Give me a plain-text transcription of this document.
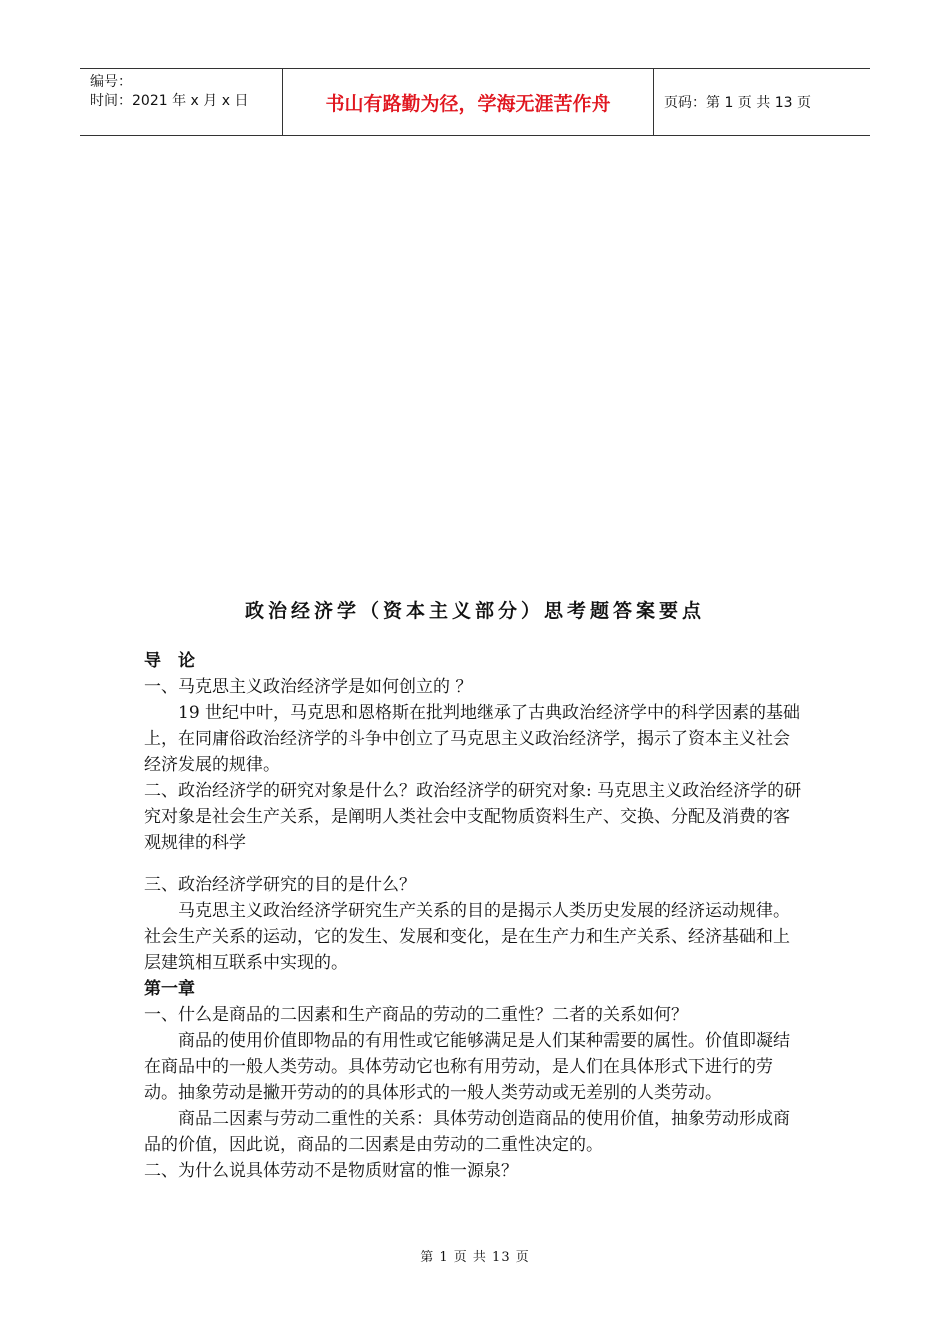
编号：
时间：2021 年 x 月 x 日	书山有路勤为径，学海无涯苦作舟	页码：第 1 页 共 13 页
政治经济学（资本主义部分）思考题答案要点

导　论

一、马克思主义政治经济学是如何创立的 ？

19 世纪中叶，马克思和恩格斯在批判地继承了古典政治经济学中的科学因素的基础上，在同庸俗政治经济学的斗争中创立了马克思主义政治经济学，揭示了资本主义社会经济发展的规律。

二、政治经济学的研究对象是什么？政治经济学的研究对象: 马克思主义政治经济学的研究对象是社会生产关系，是阐明人类社会中支配物质资料生产、交换、分配及消费的客观规律的科学

三、政治经济学研究的目的是什么？

马克思主义政治经济学研究生产关系的目的是揭示人类历史发展的经济运动规律。社会生产关系的运动，它的发生、发展和变化，是在生产力和生产关系、经济基础和上层建筑相互联系中实现的。

第一章

一、什么是商品的二因素和生产商品的劳动的二重性？二者的关系如何？

商品的使用价值即物品的有用性或它能够满足是人们某种需要的属性。价值即凝结在商品中的一般人类劳动。具体劳动它也称有用劳动，是人们在具体形式下进行的劳动。抽象劳动是撇开劳动的的具体形式的一般人类劳动或无差别的人类劳动。

商品二因素与劳动二重性的关系：具体劳动创造商品的使用价值，抽象劳动形成商品的价值，因此说，商品的二因素是由劳动的二重性决定的。

二、为什么说具体劳动不是物质财富的惟一源泉？

第 1 页 共 13 页
